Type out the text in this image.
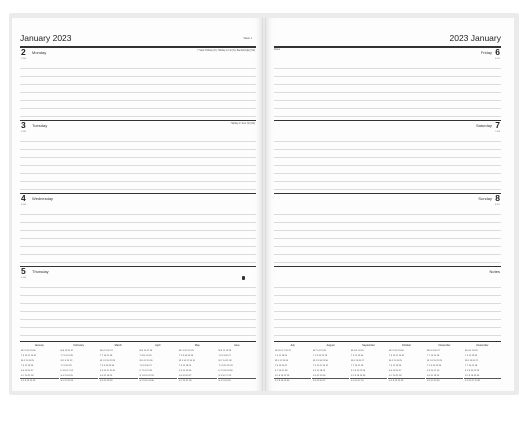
January 2023	Week 1
2 Monday
2-363
Y Sank Holiday (S), Holiday in Irel (N), Bank(AU)(E) (NZ)
3 Tuesday
3-362
Holiday in Scot (S) (NZ)
4 Wednesday
4-361
5 Thursday
5-360
January
M 2 9 16 23 30
T 3 10 17 24 31
W 4 11 18 25
T 5 12 19 26
F 6 13 20 27
S 7 14 21 28
S 1 8 15 22 29
February
M 6 13 20 27
T 7 14 21 28
W 1 8 15 22
T 2 9 16 23
F 3 10 17 24
S 4 11 18 25
S 5 12 19 26
March
M 6 13 20 27
T 7 14 21 28
W 1 8 15 22 29
T 2 9 16 23 30
F 3 10 17 24 31
S 4 11 18 25
S 5 12 19 26
April
M 3 10 17 24
T 4 11 18 25
W 5 12 19 26
T 6 13 20 27
F 7 14 21 28
S 1 8 15 22 29
S 2 9 16 23 30
May
M 1 8 15 22 29
T 2 9 16 23 30
W 3 10 17 24 31
T 4 11 18 25
F 5 12 19 26
S 6 13 20 27
S 7 14 21 28
June
M 5 12 19 26
T 6 13 20 27
W 7 14 21 28
T 1 8 15 22 29
F 2 9 16 23 30
S 3 10 17 24
S 4 11 18 25
2023 January
Notes	6
Friday
6-359
7
Saturday
7-358
8
Sunday
8-357
Notes
July
M 3 10 17 24 31
T 4 11 18 25
W 5 12 19 26
T 6 13 20 27
F 7 14 21 28
S 1 8 15 22 29
S 2 9 16 23 30
August
M 7 14 21 28
T 1 8 15 22 29
W 2 9 16 23 30
T 3 10 17 24 31
F 4 11 18 25
S 5 12 19 26
S 6 13 20 27
September
M 4 11 18 25
T 5 12 19 26
W 6 13 20 27
T 7 14 21 28
F 1 8 15 22 29
S 2 9 16 23 30
S 3 10 17 24
October
M 2 9 16 23 30
T 3 10 17 24 31
W 4 11 18 25
T 5 12 19 26
F 6 13 20 27
S 7 14 21 28
S 1 8 15 22 29
November
M 6 13 20 27
T 7 14 21 28
W 1 8 15 22 29
T 2 9 16 23 30
F 3 10 17 24
S 4 11 18 25
S 5 12 19 26
December
M 4 11 18 25
T 5 12 19 26
W 6 13 20 27
T 7 14 21 28
F 1 8 15 22 29
S 2 9 16 23 30
S 3 10 17 24 31
